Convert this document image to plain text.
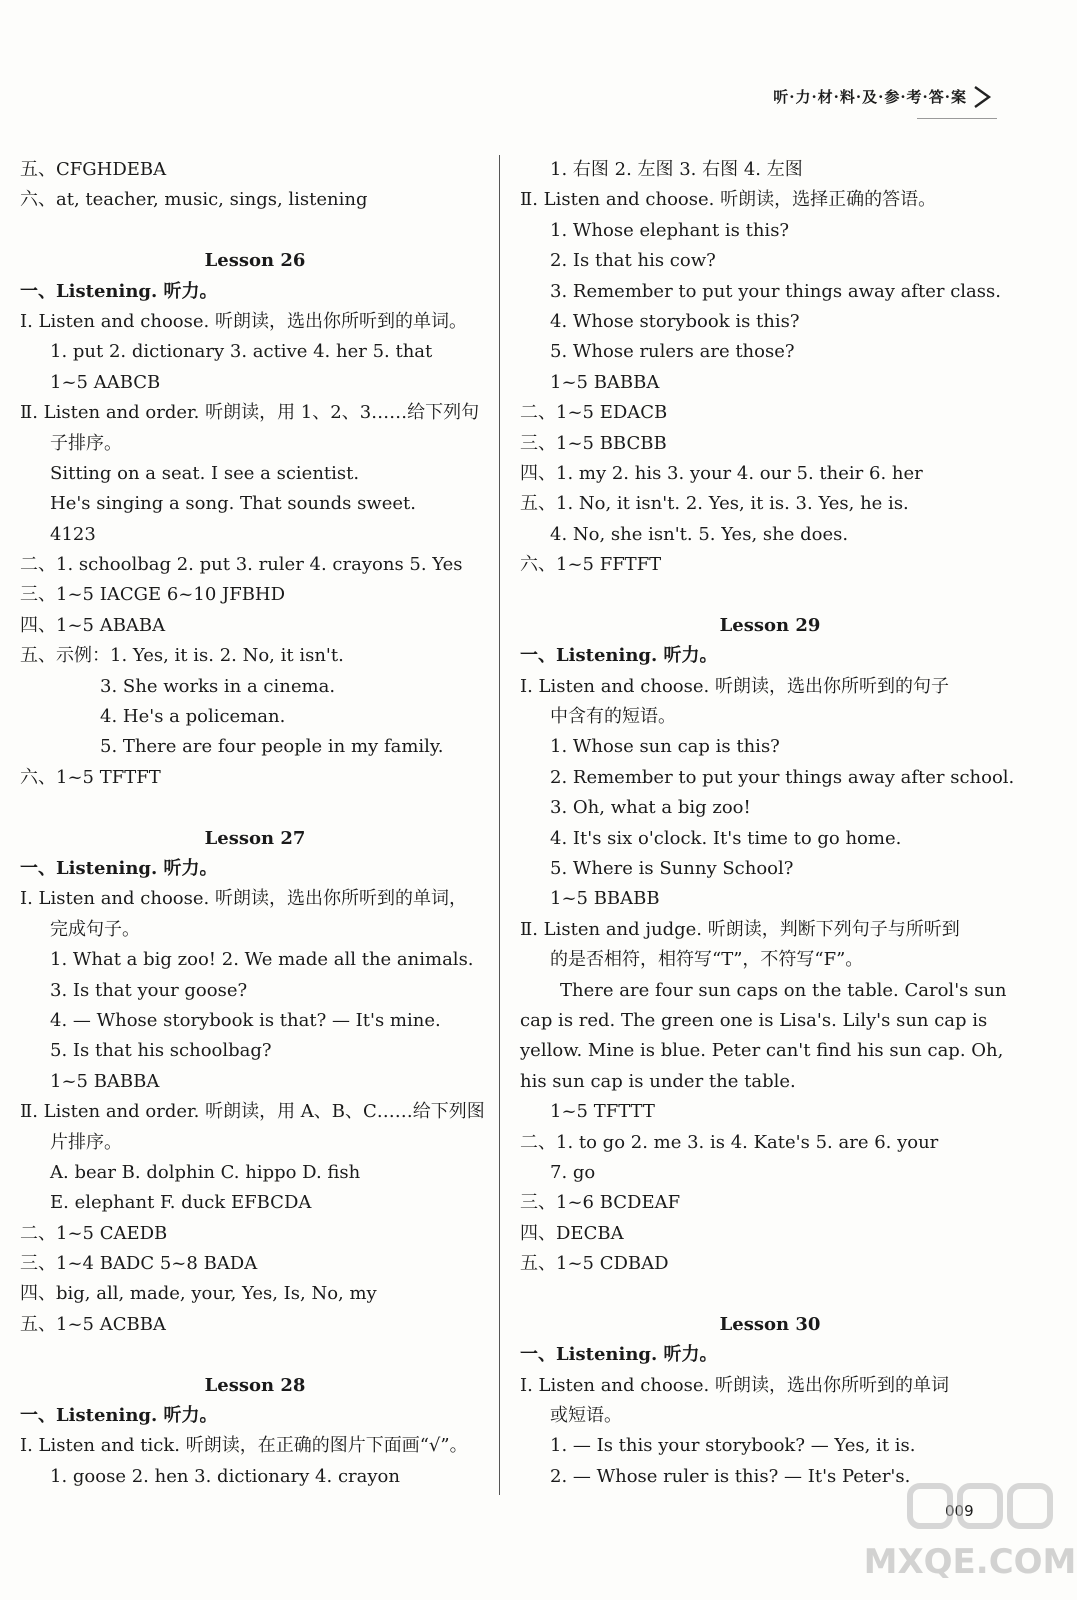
听·力·材·料·及·参·考·答·案
五、CFGHDEBA
六、at, teacher, music, sings, listening
Lesson 26
一、Listening. 听力。
Ⅰ. Listen and choose. 听朗读，选出你所听到的单词。
1. put 2. dictionary 3. active 4. her 5. that
1~5 AABCB
Ⅱ. Listen and order. 听朗读，用 1、2、3……给下列句
子排序。
Sitting on a seat. I see a scientist.
He's singing a song. That sounds sweet.
4123
二、1. schoolbag 2. put 3. ruler 4. crayons 5. Yes
三、1~5 IACGE 6~10 JFBHD
四、1~5 ABABA
五、示例：1. Yes, it is. 2. No, it isn't.
3. She works in a cinema.
4. He's a policeman.
5. There are four people in my family.
六、1~5 TFTFT
Lesson 27
一、Listening. 听力。
Ⅰ. Listen and choose. 听朗读，选出你所听到的单词，
完成句子。
1. What a big zoo! 2. We made all the animals.
3. Is that your goose?
4. — Whose storybook is that? — It's mine.
5. Is that his schoolbag?
1~5 BABBA
Ⅱ. Listen and order. 听朗读，用 A、B、C……给下列图
片排序。
A. bear B. dolphin C. hippo D. fish
E. elephant F. duck EFBCDA
二、1~5 CAEDB
三、1~4 BADC 5~8 BADA
四、big, all, made, your, Yes, Is, No, my
五、1~5 ACBBA
Lesson 28
一、Listening. 听力。
Ⅰ. Listen and tick. 听朗读，在正确的图片下面画“√”。
1. goose 2. hen 3. dictionary 4. crayon
1. 右图 2. 左图 3. 右图 4. 左图
Ⅱ. Listen and choose. 听朗读，选择正确的答语。
1. Whose elephant is this?
2. Is that his cow?
3. Remember to put your things away after class.
4. Whose storybook is this?
5. Whose rulers are those?
1~5 BABBA
二、1~5 EDACB
三、1~5 BBCBB
四、1. my 2. his 3. your 4. our 5. their 6. her
五、1. No, it isn't. 2. Yes, it is. 3. Yes, he is.
4. No, she isn't. 5. Yes, she does.
六、1~5 FFTFT
Lesson 29
一、Listening. 听力。
Ⅰ. Listen and choose. 听朗读，选出你所听到的句子
中含有的短语。
1. Whose sun cap is this?
2. Remember to put your things away after school.
3. Oh, what a big zoo!
4. It's six o'clock. It's time to go home.
5. Where is Sunny School?
1~5 BBABB
Ⅱ. Listen and judge. 听朗读，判断下列句子与所听到
的是否相符，相符写“T”，不符写“F”。
There are four sun caps on the table. Carol's sun
cap is red. The green one is Lisa's. Lily's sun cap is
yellow. Mine is blue. Peter can't find his sun cap. Oh,
his sun cap is under the table.
1~5 TFTTT
二、1. to go 2. me 3. is 4. Kate's 5. are 6. your
7. go
三、1~6 BCDEAF
四、DECBA
五、1~5 CDBAD
Lesson 30
一、Listening. 听力。
Ⅰ. Listen and choose. 听朗读，选出你所听到的单词
或短语。
1. — Is this your storybook? — Yes, it is.
2. — Whose ruler is this? — It's Peter's.
009
MXQE.COM
